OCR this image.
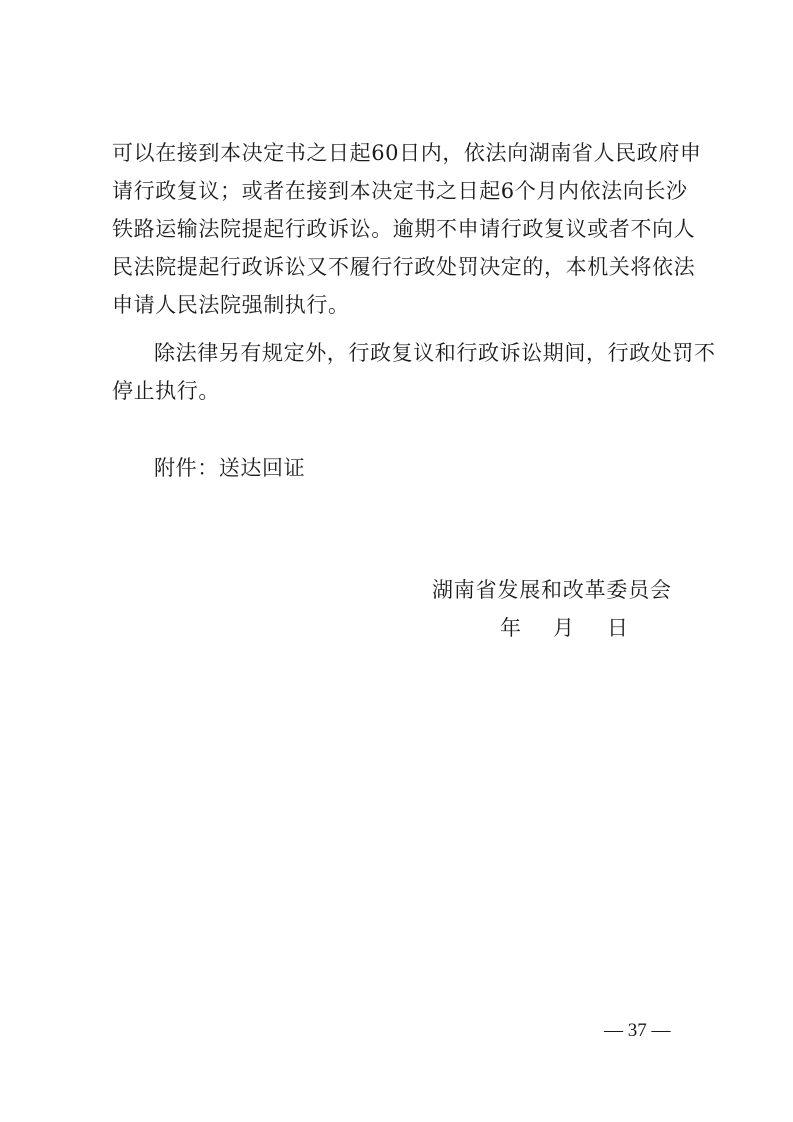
可以在接到本决定书之日起60日内，依法向湖南省人民政府申
请行政复议；或者在接到本决定书之日起6个月内依法向长沙
铁路运输法院提起行政诉讼。逾期不申请行政复议或者不向人
民法院提起行政诉讼又不履行行政处罚决定的，本机关将依法
申请人民法院强制执行。
除法律另有规定外，行政复议和行政诉讼期间，行政处罚不
停止执行。
附件：送达回证
湖南省发展和改革委员会
年 月 日
— 37 —
